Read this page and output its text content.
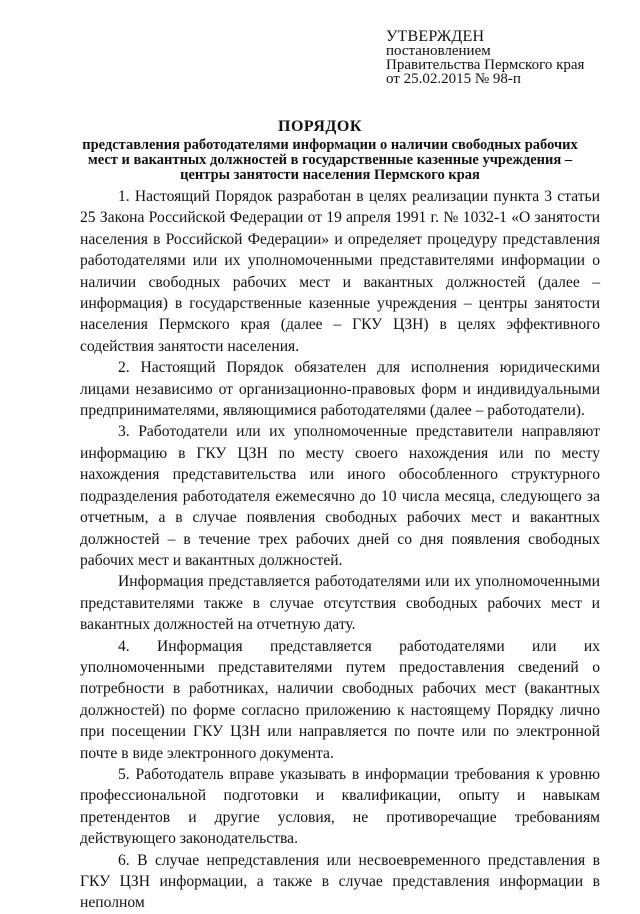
УТВЕРЖДЕН
постановлением
Правительства Пермского края
от 25.02.2015 № 98-п
ПОРЯДОК
представления работодателями информации о наличии свободных рабочих мест и вакантных должностей в государственные казенные учреждения – центры занятости населения Пермского края

1. Настоящий Порядок разработан в целях реализации пункта 3 статьи 25 Закона Российской Федерации от 19 апреля 1991 г. № 1032-1 «О занятости населения в Российской Федерации» и определяет процедуру представления работодателями или их уполномоченными представителями информации о наличии свободных рабочих мест и вакантных должностей (далее – информация) в государственные казенные учреждения – центры занятости населения Пермского края (далее – ГКУ ЦЗН) в целях эффективного содействия занятости населения.

2. Настоящий Порядок обязателен для исполнения юридическими лицами независимо от организационно-правовых форм и индивидуальными предпринимателями, являющимися работодателями (далее – работодатели).

3. Работодатели или их уполномоченные представители направляют информацию в ГКУ ЦЗН по месту своего нахождения или по месту нахождения представительства или иного обособленного структурного подразделения работодателя ежемесячно до 10 числа месяца, следующего за отчетным, а в случае появления свободных рабочих мест и вакантных должностей – в течение трех рабочих дней со дня появления свободных рабочих мест и вакантных должностей.

Информация представляется работодателями или их уполномоченными представителями также в случае отсутствия свободных рабочих мест и вакантных должностей на отчетную дату.

4. Информация представляется работодателями или их уполномоченными представителями путем предоставления сведений о потребности в работниках, наличии свободных рабочих мест (вакантных должностей) по форме согласно приложению к настоящему Порядку лично при посещении ГКУ ЦЗН или направляется по почте или по электронной почте в виде электронного документа.

5. Работодатель вправе указывать в информации требования к уровню профессиональной подготовки и квалификации, опыту и навыкам претендентов и другие условия, не противоречащие требованиям действующего законодательства.

6. В случае непредставления или несвоевременного представления в ГКУ ЦЗН информации, а также в случае представления информации в неполном
